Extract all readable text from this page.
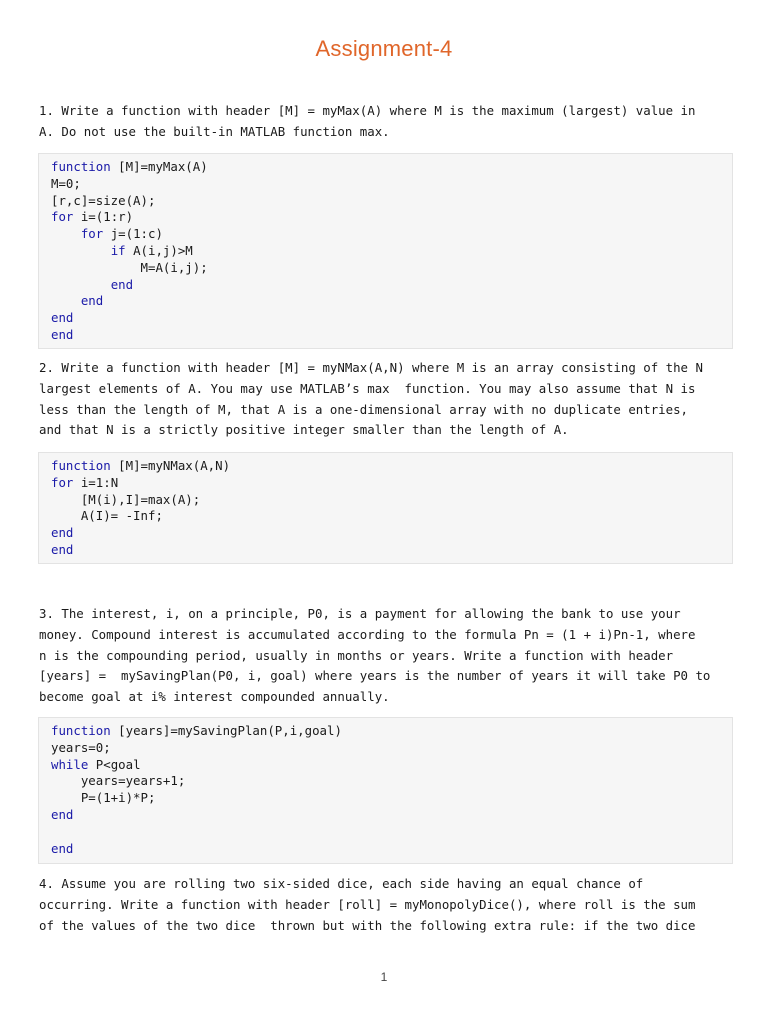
Assignment-4
1. Write a function with header [M] = myMax(A) where M is the maximum (largest) value in
A. Do not use the built-in MATLAB function max.
function [M]=myMax(A)
M=0;
[r,c]=size(A);
for i=(1:r)
for j=(1:c)
if A(i,j)>M
M=A(i,j);
end
end
end
end
2. Write a function with header [M] = myNMax(A,N) where M is an array consisting of the N
largest elements of A. You may use MATLAB’s max  function. You may also assume that N is
less than the length of M, that A is a one-dimensional array with no duplicate entries,
and that N is a strictly positive integer smaller than the length of A.
function [M]=myNMax(A,N)
for i=1:N
[M(i),I]=max(A);
A(I)= -Inf;
end
end
3. The interest, i, on a principle, P0, is a payment for allowing the bank to use your
money. Compound interest is accumulated according to the formula Pn = (1 + i)Pn-1, where
n is the compounding period, usually in months or years. Write a function with header
[years] =  mySavingPlan(P0, i, goal) where years is the number of years it will take P0 to
become goal at i% interest compounded annually.
function [years]=mySavingPlan(P,i,goal)
years=0;
while P<goal
years=years+1;
P=(1+i)*P;
end
end
4. Assume you are rolling two six-sided dice, each side having an equal chance of
occurring. Write a function with header [roll] = myMonopolyDice(), where roll is the sum
of the values of the two dice  thrown but with the following extra rule: if the two dice
1
